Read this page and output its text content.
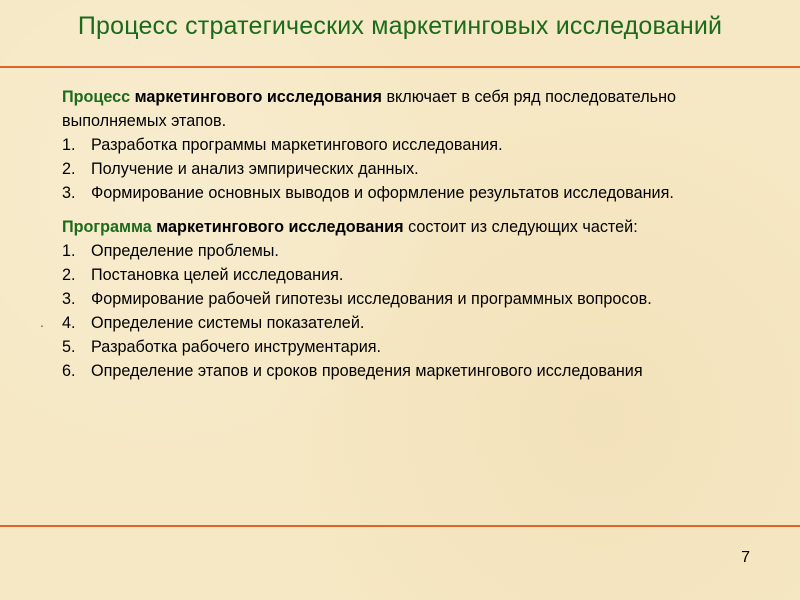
Процесс стратегических маркетинговых исследований

Процесс маркетингового исследования включает в себя ряд последовательно выполняемых этапов.

1. Разработка программы маркетингового исследования.
2. Получение и анализ эмпирических данных.
3. Формирование основных выводов и оформление результатов исследования.

Программа маркетингового исследования состоит из следующих частей:

1. Определение проблемы.
2. Постановка целей исследования.
3. Формирование рабочей гипотезы исследования и программных вопросов.
4. Определение системы показателей.
5. Разработка рабочего инструментария.
6. Определение этапов и сроков проведения маркетингового исследования
.
7
